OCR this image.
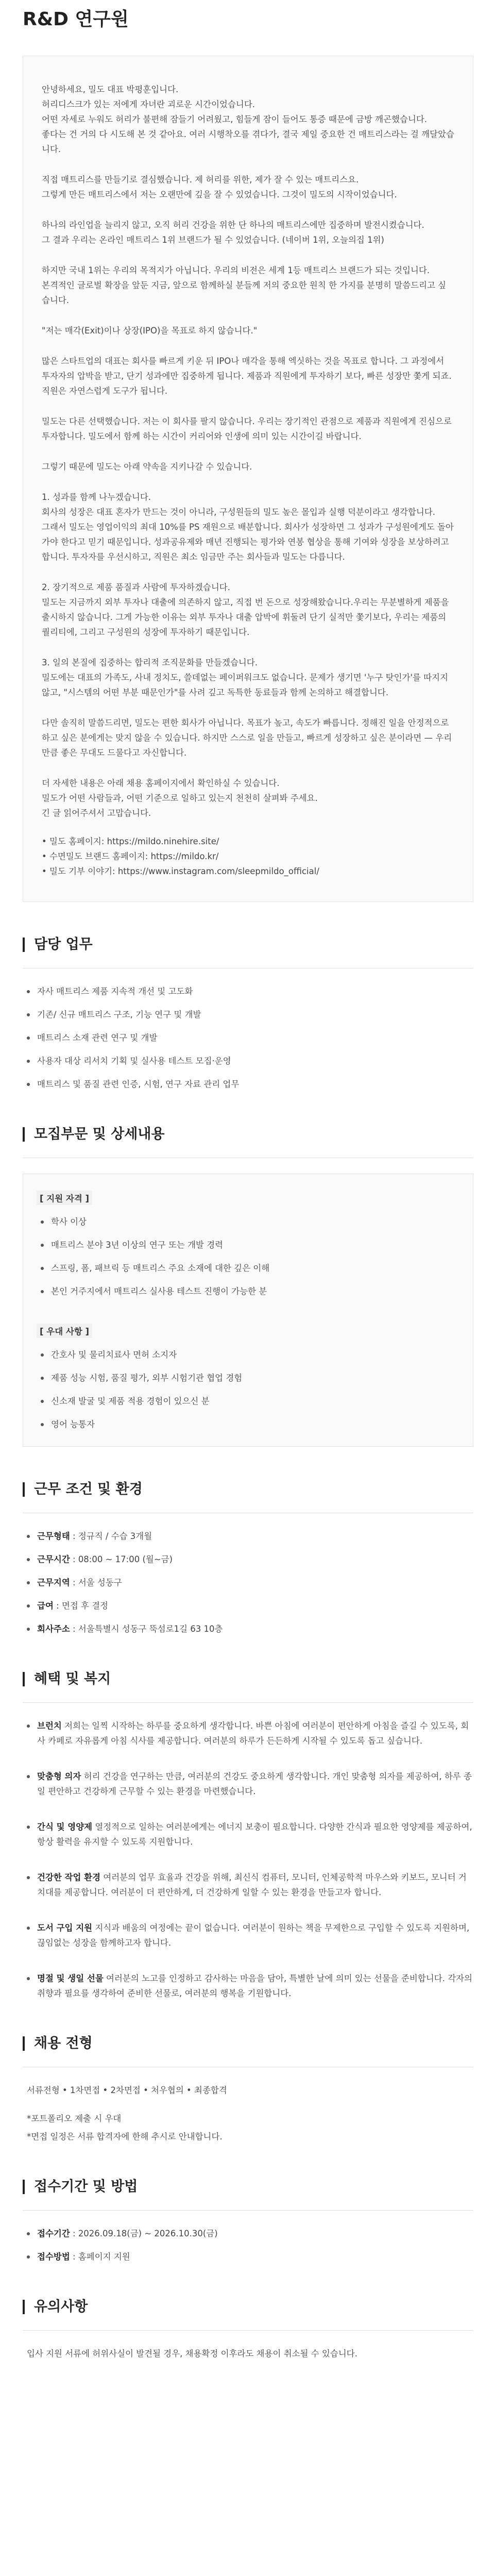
R&D 연구원

안녕하세요, 밀도 대표 박평훈입니다.
허리디스크가 있는 저에게 자녀란 괴로운 시간이었습니다.
어떤 자세로 누워도 허리가 불편해 잠들기 어려웠고, 힘들게 잠이 들어도 통증 때문에 금방 깨곤했습니다.
좋다는 건 거의 다 시도해 본 것 같아요. 여러 시행착오를 겪다가, 결국 제일 중요한 건 매트리스라는 걸 깨달았습니다.

직접 매트리스를 만들기로 결심했습니다. 제 허리를 위한, 제가 잘 수 있는 매트리스요.
그렇게 만든 매트리스에서 저는 오랜만에 깊을 잘 수 있었습니다. 그것이 밀도의 시작이었습니다.

하나의 라인업을 늘리지 않고, 오직 허리 건강을 위한 단 하나의 매트리스에만 집중하며 발전시켰습니다.
그 결과 우리는 온라인 매트리스 1위 브랜드가 될 수 있었습니다. (네이버 1위, 오늘의집 1위)

하지만 국내 1위는 우리의 목적지가 아닙니다. 우리의 비전은 세계 1등 매트리스 브랜드가 되는 것입니다.
본격적인 글로벌 확장을 앞둔 지금, 앞으로 함께하실 분들께 저의 중요한 원칙 한 가지를 분명히 말씀드리고 싶습니다.

"저는 매각(Exit)이나 상장(IPO)을 목표로 하지 않습니다."

많은 스타트업의 대표는 회사를 빠르게 키운 뒤 IPO나 매각을 통해 엑싯하는 것을 목표로 합니다. 그 과정에서 투자자의 압박을 받고, 단기 성과에만 집중하게 됩니다. 제품과 직원에게 투자하기 보다, 빠른 성장만 쫓게 되죠. 직원은 자연스럽게 도구가 됩니다.

밀도는 다른 선택했습니다. 저는 이 회사를 팔지 않습니다. 우리는 장기적인 관점으로 제품과 직원에게 진심으로 투자합니다. 밀도에서 함께 하는 시간이 커리어와 인생에 의미 있는 시간이길 바랍니다.

그렇기 때문에 밀도는 아래 약속을 지키나갈 수 있습니다.

1. 성과를 함께 나누겠습니다.
회사의 성장은 대표 혼자가 만드는 것이 아니라, 구성원들의 밀도 높은 몰입과 실행 덕분이라고 생각합니다.
그래서 밀도는 영업이익의 최대 10%를 PS 재원으로 배분합니다. 회사가 성장하면 그 성과가 구성원에게도 돌아가야 한다고 믿기 때문입니다. 성과공유제와 매년 진행되는 평가와 연봉 협상을 통해 기여와 성장을 보상하려고 합니다. 투자자를 우선시하고, 직원은 최소 임금만 주는 회사들과 밀도는 다릅니다.

2. 장기적으로 제품 품질과 사람에 투자하겠습니다.
밀도는 지금까지 외부 투자나 대출에 의존하지 않고, 직접 번 돈으로 성장해왔습니다.우리는 무분별하게 제품을 출시하지 않습니다. 그게 가능한 이유는 외부 투자나 대출 압박에 휘둘려 단기 실적만 쫓기보다, 우리는 제품의 퀄리티에, 그리고 구성원의 성장에 투자하기 때문입니다.

3. 일의 본질에 집중하는 합리적 조직문화를 만들겠습니다.
밀도에는 대표의 가족도, 사내 정치도, 쓸데없는 페이퍼워크도 없습니다. 문제가 생기면 '누구 탓인가'를 따지지 않고, "시스템의 어떤 부분 때문인가"를 사려 깊고 독특한 동료들과 함께 논의하고 해결합니다.

다만 솔직히 말씀드리면, 밀도는 편한 회사가 아닙니다. 목표가 높고, 속도가 빠릅니다. 정해진 일을 안정적으로 하고 싶은 분에게는 맞지 않을 수 있습니다. 하지만 스스로 일을 만들고, 빠르게 성장하고 싶은 분이라면 — 우리만큼 좋은 무대도 드물다고 자신합니다.

더 자세한 내용은 아래 채용 홈페이지에서 확인하실 수 있습니다.
밀도가 어떤 사람들과, 어떤 기준으로 일하고 있는지 천천히 살펴봐 주세요.
긴 글 읽어주셔서 고맙습니다.

• 밀도 홈페이지: https://mildo.ninehire.site/

• 수면밀도 브랜드 홈페이지: https://mildo.kr/

• 밀도 기부 이야기: https://www.instagram.com/sleepmildo_official/

담당 업무
자사 매트리스 제품 지속적 개선 및 고도화
기존/ 신규 매트리스 구조, 기능 연구 및 개발
매트리스 소재 관련 연구 및 개발
사용자 대상 리서치 기획 및 실사용 테스트 모집·운영
매트리스 및 품질 관련 인증, 시험, 연구 자료 관리 업무
모집부문 및 상세내용
[ 지원 자격 ]
학사 이상
매트리스 분야 3년 이상의 연구 또는 개발 경력
스프링, 폼, 패브릭 등 매트리스 주요 소재에 대한 깊은 이해
본인 거주지에서 매트리스 실사용 테스트 진행이 가능한 분
[ 우대 사항 ]
간호사 및 물리치료사 면허 소지자
제품 성능 시험, 품질 평가, 외부 시험기관 협업 경험
신소재 발굴 및 제품 적용 경험이 있으신 분
영어 능통자
근무 조건 및 환경
근무형태 : 정규직 / 수습 3개월
근무시간 : 08:00 ~ 17:00 (월~금)
근무지역 : 서울 성동구
급여 : 면접 후 결정
회사주소 : 서울특별시 성동구 뚝섬로1길 63 10층
혜택 및 복지
브런치 저희는 일찍 시작하는 하루를 중요하게 생각합니다. 바쁜 아침에 여러분이 편안하게 아침을 즐길 수 있도록, 회사 카페로 자유롭게 아침 식사를 제공합니다. 여러분의 하루가 든든하게 시작될 수 있도록 돕고 싶습니다.
맞춤형 의자 허리 건강을 연구하는 만큼, 여러분의 건강도 중요하게 생각합니다. 개인 맞춤형 의자를 제공하여, 하루 종일 편안하고 건강하게 근무할 수 있는 환경을 마련했습니다.
간식 및 영양제 열정적으로 일하는 여러분에게는 에너지 보충이 필요합니다. 다양한 간식과 필요한 영양제를 제공하여, 항상 활력을 유지할 수 있도록 지원합니다.
건강한 작업 환경 여러분의 업무 효율과 건강을 위해, 최신식 컴퓨터, 모니터, 인체공학적 마우스와 키보드, 모니터 거치대를 제공합니다. 여러분이 더 편안하게, 더 건강하게 일할 수 있는 환경을 만들고자 합니다.
도서 구입 지원 지식과 배움의 여정에는 끝이 없습니다. 여러분이 원하는 책을 무제한으로 구입할 수 있도록 지원하며, 끊임없는 성장을 함께하고자 합니다.
명절 및 생일 선물 여러분의 노고를 인정하고 감사하는 마음을 담아, 특별한 날에 의미 있는 선물을 준비합니다. 각자의 취향과 필요를 생각하여 준비한 선물로, 여러분의 행복을 기원합니다.
채용 전형
서류전형 • 1차면접 • 2차면접 • 처우협의 • 최종합격
*포트폴리오 제출 시 우대
*면접 일정은 서류 합격자에 한해 추시로 안내합니다.
접수기간 및 방법
접수기간 : 2026.09.18(금) ~ 2026.10.30(금)
접수방법 : 홈페이지 지원
유의사항
입사 지원 서류에 허위사실이 발견될 경우, 채용확정 이후라도 채용이 취소될 수 있습니다.
